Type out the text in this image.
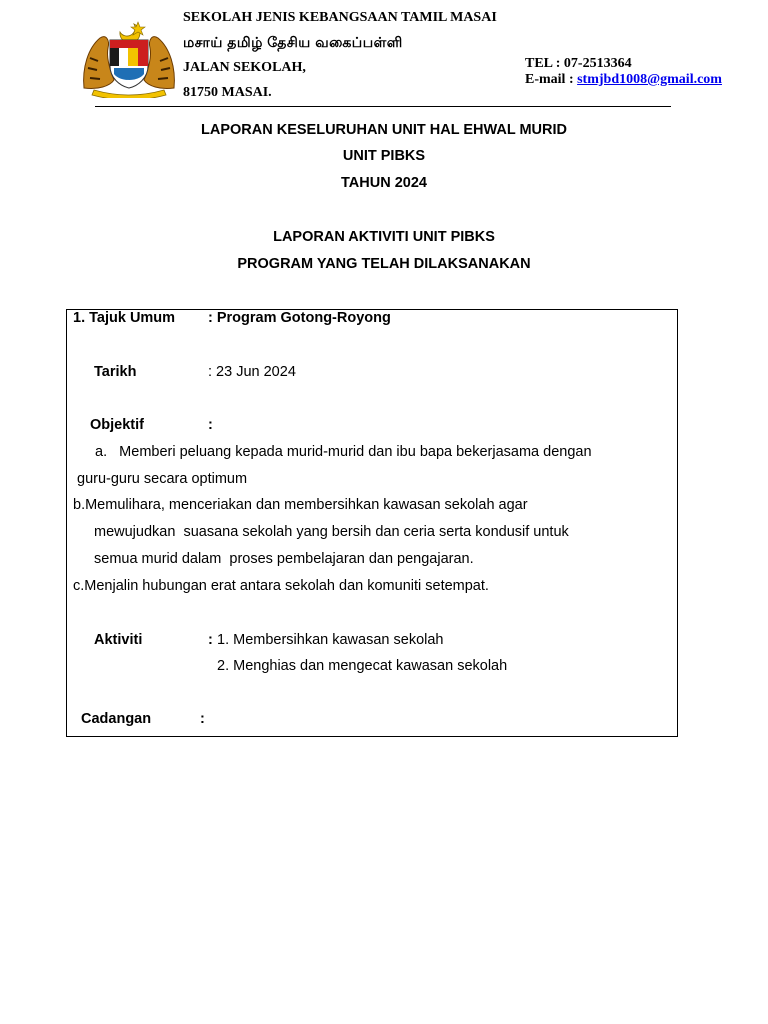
SEKOLAH JENIS KEBANGSAAN TAMIL MASAI
மசாய் தமிழ் தேசிய வகைப்பள்ளி
JALAN SEKOLAH,
81750 MASAI.
TEL : 07-2513364
E-mail : stmjbd1008@gmail.com
LAPORAN KESELURUHAN UNIT HAL EHWAL MURID
UNIT PIBKS
TAHUN 2024
LAPORAN AKTIVITI UNIT PIBKS
PROGRAM YANG TELAH DILAKSANAKAN
1. Tajuk Umum : Program Gotong-Royong
Tarikh	: 23 Jun 2024
Objektif	:
a.   Memberi peluang kepada murid-murid dan ibu bapa bekerjasama dengan
guru-guru secara optimum
b.Memulihara, menceriakan dan membersihkan kawasan sekolah agar
mewujudkan  suasana sekolah yang bersih dan ceria serta kondusif untuk
semua murid dalam  proses pembelajaran dan pengajaran.
c.Menjalin hubungan erat antara sekolah dan komuniti setempat.
Aktiviti	: 1. Membersihkan kawasan sekolah
2. Menghias dan mengecat kawasan sekolah
Cadangan	:
